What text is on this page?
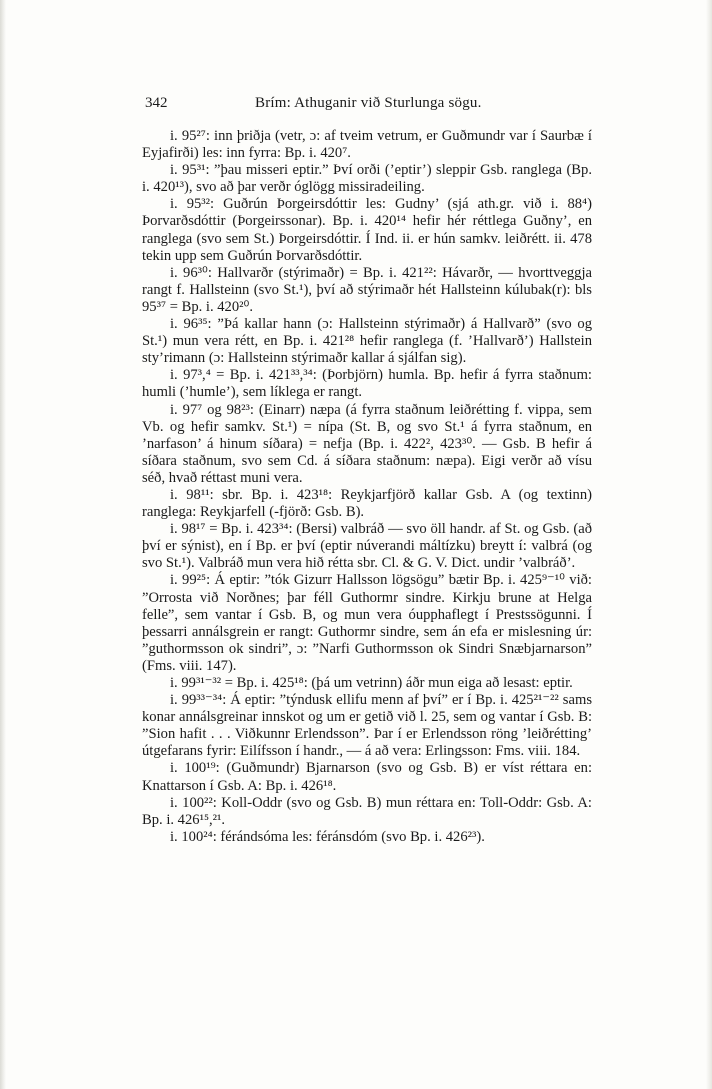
342	Brím: Athuganir við Sturlunga sögu.

i. 95²⁷: inn þriðja (vetr, ɔ: af tveim vetrum, er Guðmundr var í Saurbæ í Eyjafirði) les: inn fyrra: Bp. i. 420⁷.

i. 95³¹: ”þau misseri eptir.” Því orði (’eptir’) sleppir Gsb. ranglega (Bp. i. 420¹³), svo að þar verðr óglögg missiradeiling.

i. 95³²: Guðrún Þorgeirsdóttir les: Gudny’ (sjá ath.gr. við i. 88⁴) Þorvarðsdóttir (Þorgeirssonar). Bp. i. 420¹⁴ hefir hér réttlega Guðny’, en ranglega (svo sem St.) Þorgeirsdóttir. Í Ind. ii. er hún samkv. leiðrétt. ii. 478 tekin upp sem Guðrún Þorvarðsdóttir.

i. 96³⁰: Hallvarðr (stýrimaðr) = Bp. i. 421²²: Hávarðr, — hvorttveggja rangt f. Hallsteinn (svo St.¹), því að stýrimaðr hét Hallsteinn kúlubak(r): bls 95³⁷ = Bp. i. 420²⁰.

i. 96³⁵: ”Þá kallar hann (ɔ: Hallsteinn stýrimaðr) á Hallvarð” (svo og St.¹) mun vera rétt, en Bp. i. 421²⁸ hefir ranglega (f. ’Hallvarð’) Hallstein sty’rimann (ɔ: Hallsteinn stýrimaðr kallar á sjálfan sig).

i. 97³,⁴ = Bp. i. 421³³,³⁴: (Þorbjörn) humla. Bp. hefir á fyrra staðnum: humli (’humle’), sem líklega er rangt.

i. 97⁷ og 98²³: (Einarr) næpa (á fyrra staðnum leiðrétting f. vippa, sem Vb. og hefir samkv. St.¹) = nípa (St. B, og svo St.¹ á fyrra staðnum, en ’narfason’ á hinum síðara) = nefja (Bp. i. 422², 423³⁰. — Gsb. B hefir á síðara staðnum, svo sem Cd. á síðara staðnum: næpa). Eigi verðr að vísu séð, hvað réttast muni vera.

i. 98¹¹: sbr. Bp. i. 423¹⁸: Reykjarfjörð kallar Gsb. A (og textinn) ranglega: Reykjarfell (-fjörð: Gsb. B).

i. 98¹⁷ = Bp. i. 423³⁴: (Bersi) valbráð — svo öll handr. af St. og Gsb. (að því er sýnist), en í Bp. er því (eptir núverandi máltízku) breytt í: valbrá (og svo St.¹). Valbráð mun vera hið rétta sbr. Cl. & G. V. Dict. undir ’valbráð’.

i. 99²⁵: Á eptir: ”tók Gizurr Hallsson lögsögu” bætir Bp. i. 425⁹⁻¹⁰ við: ”Orrosta við Norðnes; þar féll Guthormr sindre. Kirkju brune at Helga felle”, sem vantar í Gsb. B, og mun vera óupphaflegt í Prestssögunni. Í þessarri annálsgrein er rangt: Guthormr sindre, sem án efa er mislesning úr: ”guthormsson ok sindri”, ɔ: ”Narfi Guthormsson ok Sindri Snæbjarnarson” (Fms. viii. 147).

i. 99³¹⁻³² = Bp. i. 425¹⁸: (þá um vetrinn) áðr mun eiga að lesast: eptir.

i. 99³³⁻³⁴: Á eptir: ”týndusk ellifu menn af því” er í Bp. i. 425²¹⁻²² sams konar annálsgreinar innskot og um er getið við l. 25, sem og vantar í Gsb. B: ”Sion hafit . . . Viðkunnr Erlendsson”. Þar í er Erlendsson röng ’leiðrétting’ útgefarans fyrir: Eilífsson í handr., — á að vera: Erlingsson: Fms. viii. 184.

i. 100¹⁹: (Guðmundr) Bjarnarson (svo og Gsb. B) er víst réttara en: Knattarson í Gsb. A: Bp. i. 426¹⁸.

i. 100²²: Koll-Oddr (svo og Gsb. B) mun réttara en: Toll-Oddr: Gsb. A: Bp. i. 426¹⁵,²¹.

i. 100²⁴: férándsóma les: féránsdóm (svo Bp. i. 426²³).
